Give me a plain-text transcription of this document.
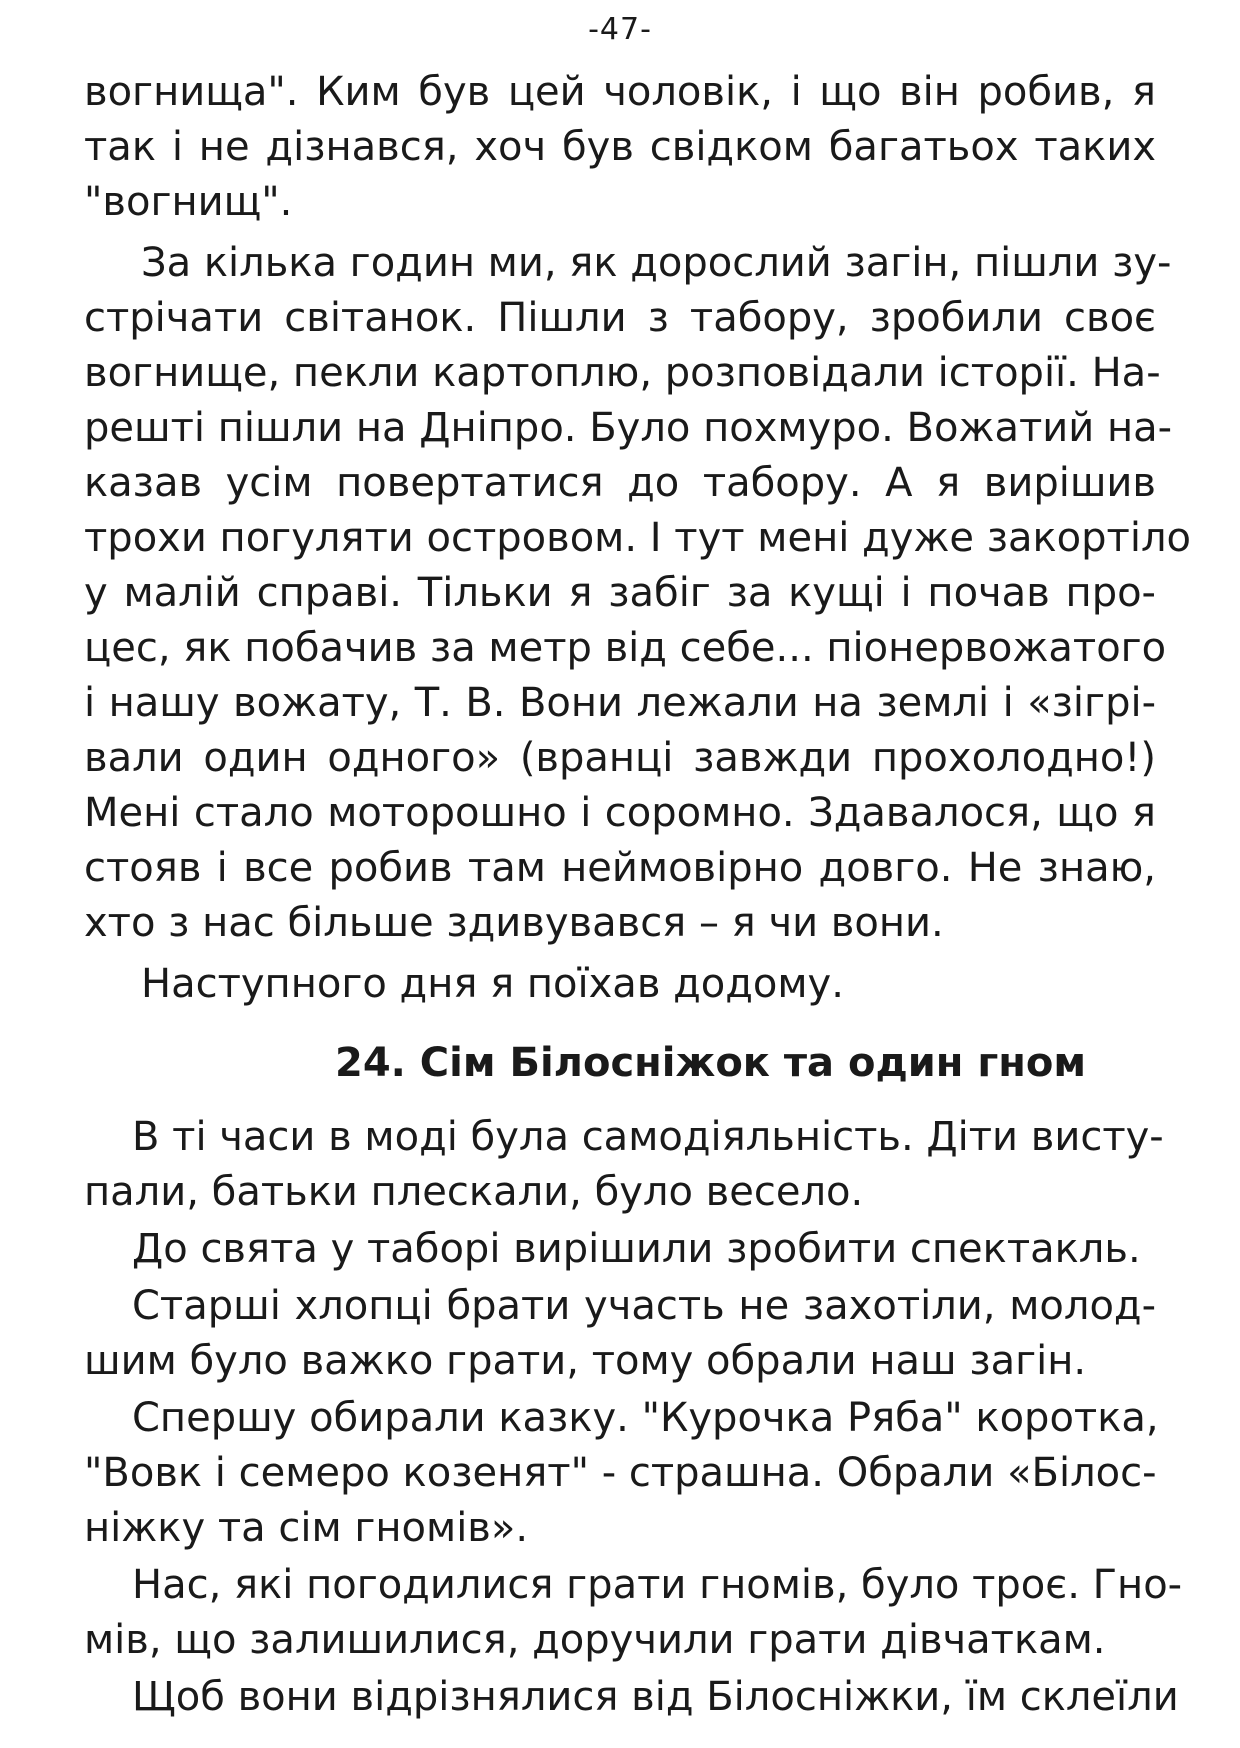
-47-
вогнища". Ким був цей чоловік, і що він робив, я
так і не дізнався, хоч був свідком багатьох таких
"вогнищ".
За кілька годин ми, як дорослий загін, пішли зу-
стрічати світанок. Пішли з табору, зробили своє
вогнище, пекли картоплю, розповідали історії. На-
решті пішли на Дніпро. Було похмуро. Вожатий на-
казав усім повертатися до табору. А я вирішив
трохи погуляти островом. І тут мені дуже закортіло
у малій справі. Тільки я забіг за кущі і почав про-
цес, як побачив за метр від себе... піонервожатого
і нашу вожату, Т. В. Вони лежали на землі і «зігрі-
вали один одного» (вранці завжди прохолодно!)
Мені стало моторошно і соромно. Здавалося, що я
стояв і все робив там неймовірно довго. Не знаю,
хто з нас більше здивувався – я чи вони.
Наступного дня я поїхав додому.
24. Сім Білосніжок та один гном
В ті часи в моді була самодіяльність. Діти висту-
пали, батьки плескали, було весело.
До свята у таборі вирішили зробити спектакль.
Старші хлопці брати участь не захотіли, молод-
шим було важко грати, тому обрали наш загін.
Спершу обирали казку. "Курочка Ряба" коротка,
"Вовк і семеро козенят" - страшна. Обрали «Білос-
ніжку та сім гномів».
Нас, які погодилися грати гномів, було троє. Гно-
мів, що залишилися, доручили грати дівчаткам.
Щоб вони відрізнялися від Білосніжки, їм склеїли
